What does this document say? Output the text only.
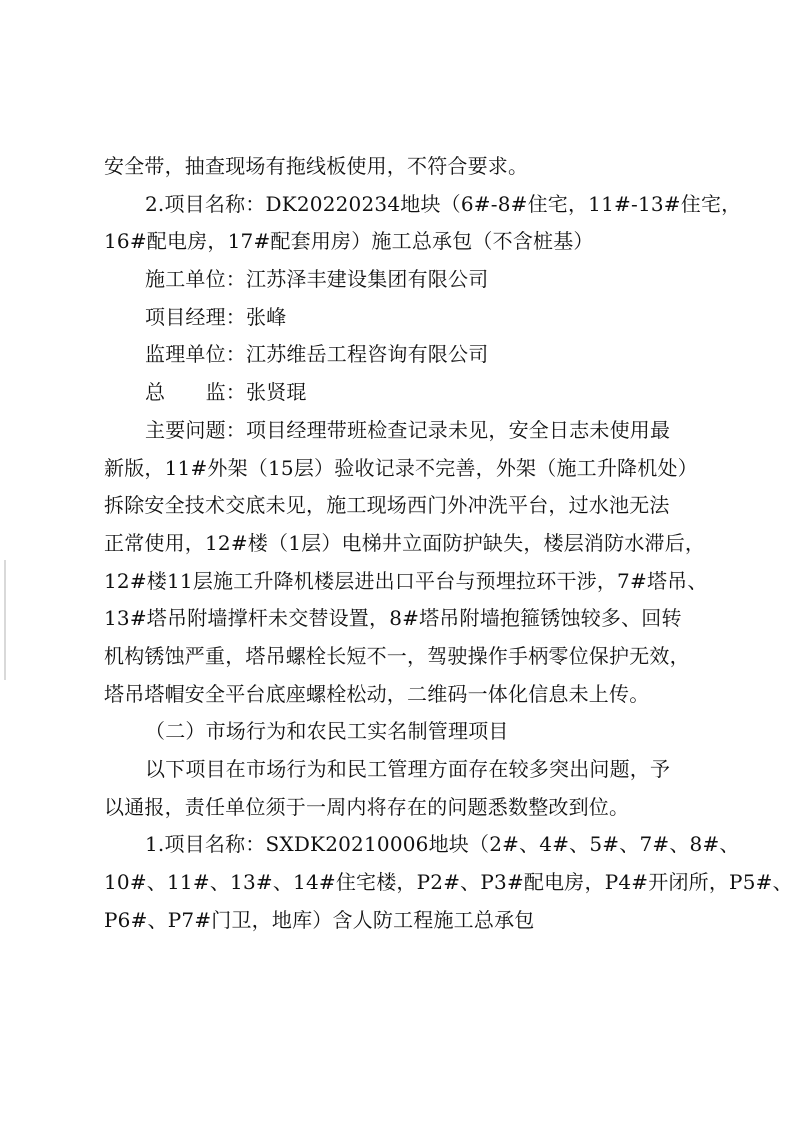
安全带，抽查现场有拖线板使用，不符合要求。
2.项目名称：DK20220234地块（6#-8#住宅，11#-13#住宅，
16#配电房，17#配套用房）施工总承包（不含桩基）
施工单位：江苏泽丰建设集团有限公司
项目经理：张峰
监理单位：江苏维岳工程咨询有限公司
总　　监：张贤琨
主要问题：项目经理带班检查记录未见，安全日志未使用最
新版，11#外架（15层）验收记录不完善，外架（施工升降机处）
拆除安全技术交底未见，施工现场西门外冲洗平台，过水池无法
正常使用，12#楼（1层）电梯井立面防护缺失，楼层消防水滞后，
12#楼11层施工升降机楼层进出口平台与预埋拉环干涉，7#塔吊、
13#塔吊附墙撑杆未交替设置，8#塔吊附墙抱箍锈蚀较多、回转
机构锈蚀严重，塔吊螺栓长短不一，驾驶操作手柄零位保护无效，
塔吊塔帽安全平台底座螺栓松动，二维码一体化信息未上传。
（二）市场行为和农民工实名制管理项目
以下项目在市场行为和民工管理方面存在较多突出问题，予
以通报，责任单位须于一周内将存在的问题悉数整改到位。
1.项目名称：SXDK20210006地块（2#、4#、5#、7#、8#、
10#、11#、13#、14#住宅楼，P2#、P3#配电房，P4#开闭所，P5#、
P6#、P7#门卫，地库）含人防工程施工总承包
